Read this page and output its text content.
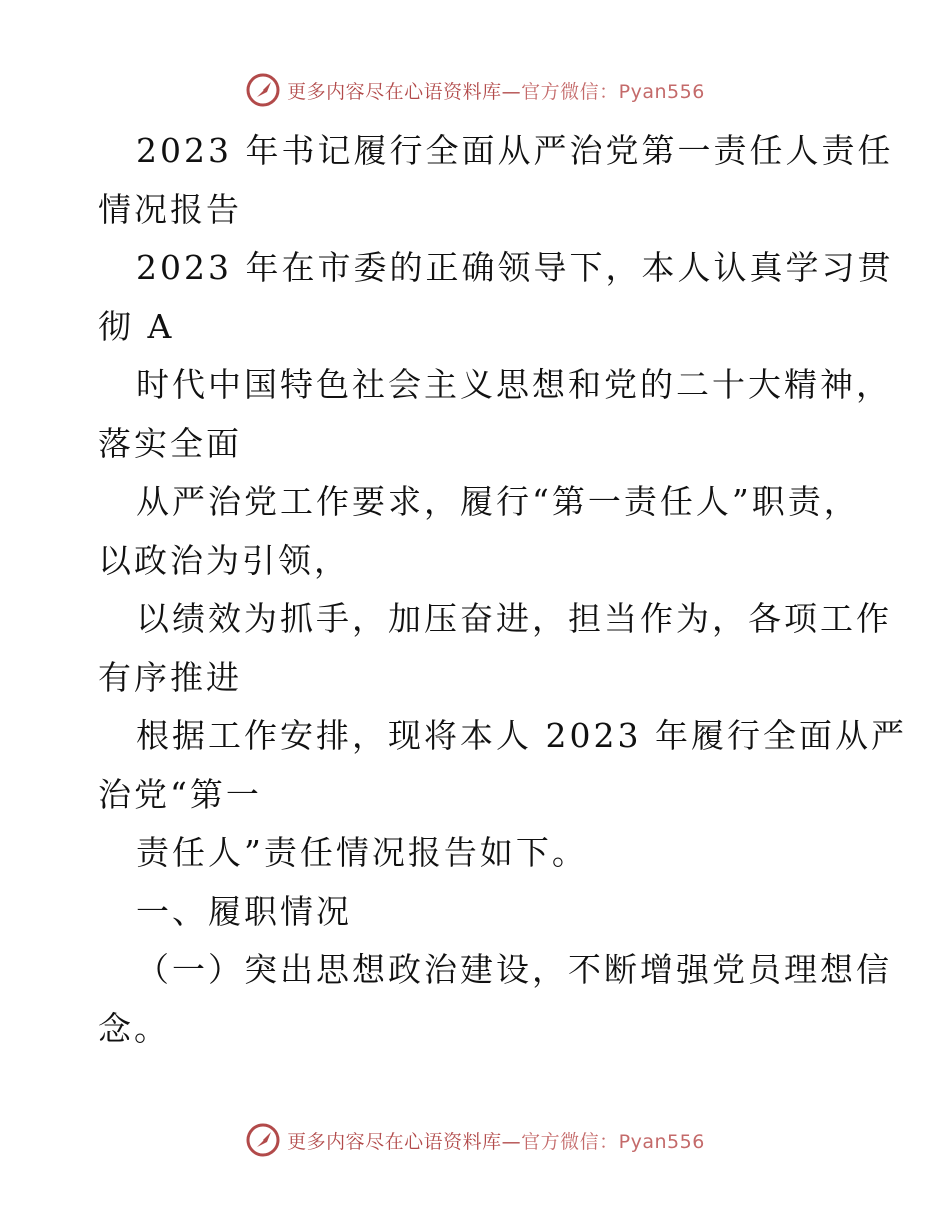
更多内容尽在心语资料库—官方微信：Pyan556
2023 年书记履行全面从严治党第一责任人责任
情况报告
2023 年在市委的正确领导下，本人认真学习贯
彻 A
时代中国特色社会主义思想和党的二十大精神，
落实全面
从严治党工作要求，履行“第一责任人”职责，
以政治为引领，
以绩效为抓手，加压奋进，担当作为，各项工作
有序推进
根据工作安排，现将本人 2023 年履行全面从严
治党“第一
责任人”责任情况报告如下。
一、履职情况
（一）突出思想政治建设，不断增强党员理想信
念。
更多内容尽在心语资料库—官方微信：Pyan556
